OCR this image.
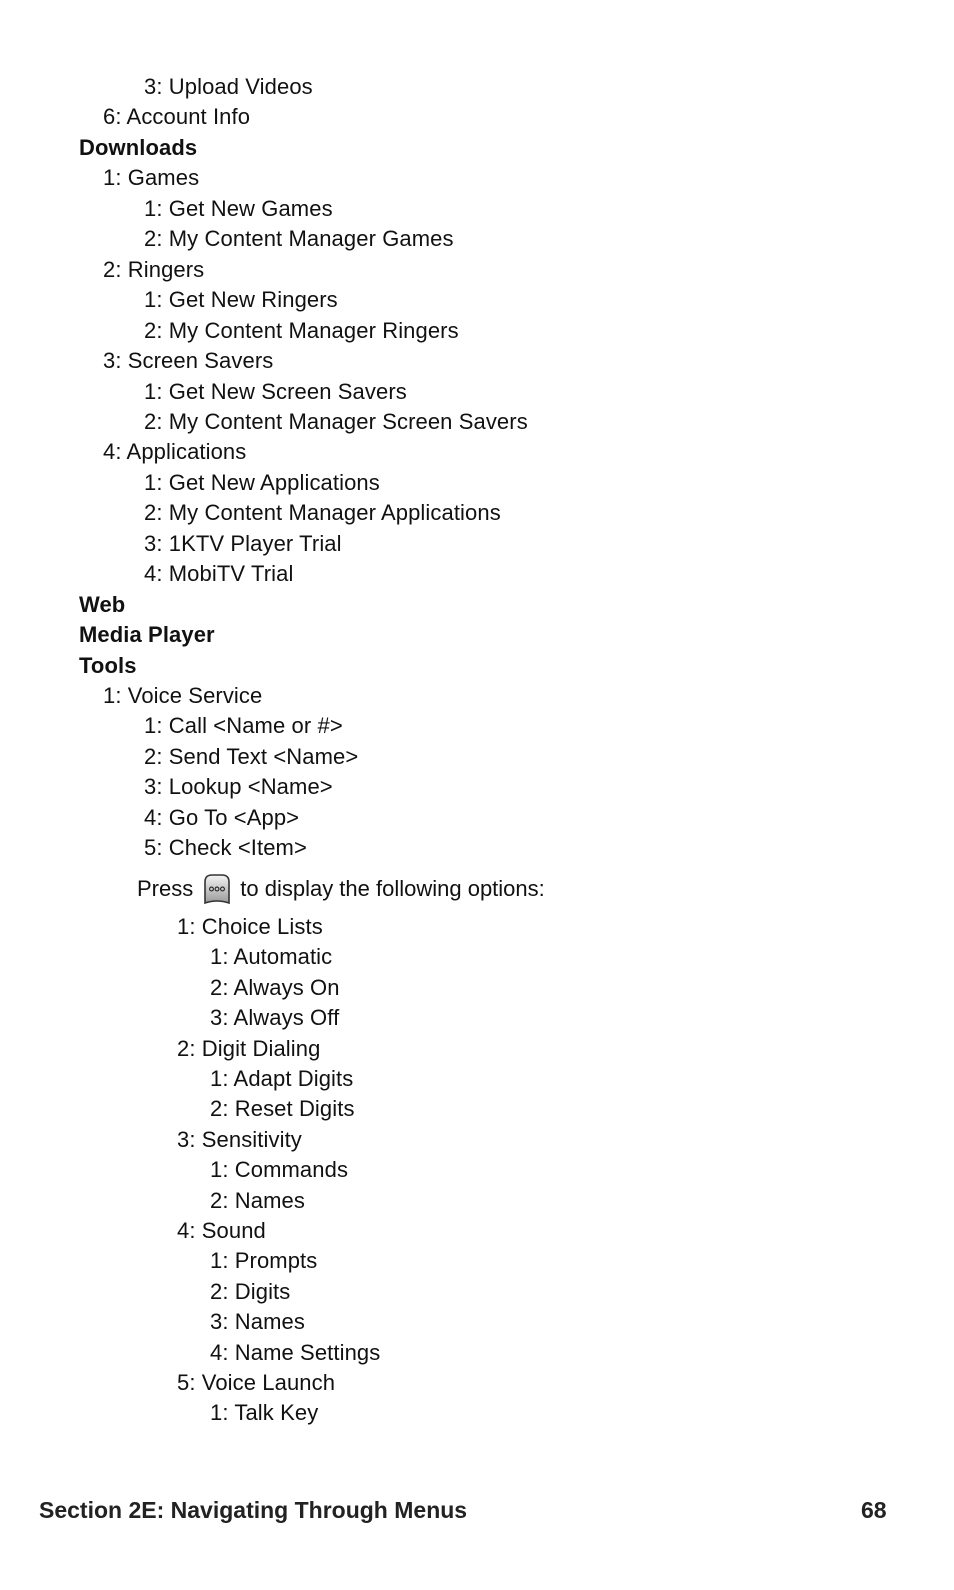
3: Upload Videos
6: Account Info
Downloads
1: Games
1: Get New Games
2: My Content Manager Games
2: Ringers
1: Get New Ringers
2: My Content Manager Ringers
3: Screen Savers
1: Get New Screen Savers
2: My Content Manager Screen Savers
4: Applications
1: Get New Applications
2: My Content Manager Applications
3: 1KTV Player Trial
4: MobiTV Trial
Web
Media Player
Tools
1: Voice Service
1: Call <Name or #>
2: Send Text <Name>
3: Lookup <Name>
4: Go To <App>
5: Check <Item>
Press to display the following options:
1: Choice Lists
1: Automatic
2: Always On
3: Always Off
2: Digit Dialing
1: Adapt Digits
2: Reset Digits
3: Sensitivity
1: Commands
2: Names
4: Sound
1: Prompts
2: Digits
3: Names
4: Name Settings
5: Voice Launch
1: Talk Key
Section 2E: Navigating Through Menus	68
